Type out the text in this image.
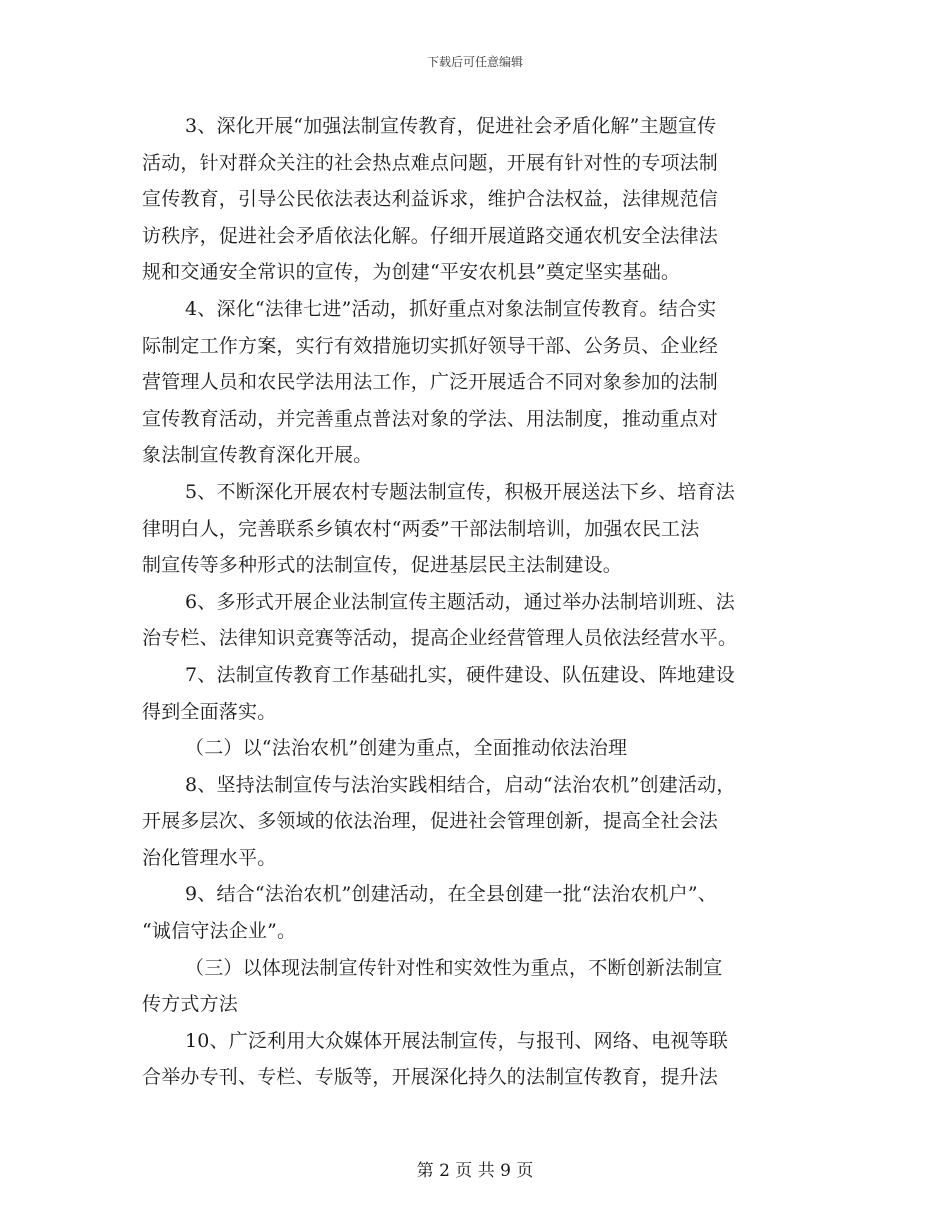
下载后可任意编辑
3、深化开展“加强法制宣传教育，促进社会矛盾化解”主题宣传
活动，针对群众关注的社会热点难点问题，开展有针对性的专项法制
宣传教育，引导公民依法表达利益诉求，维护合法权益，法律规范信
访秩序，促进社会矛盾依法化解。仔细开展道路交通农机安全法律法
规和交通安全常识的宣传，为创建“平安农机县”奠定坚实基础。
4、深化“法律七进”活动，抓好重点对象法制宣传教育。结合实
际制定工作方案，实行有效措施切实抓好领导干部、公务员、企业经
营管理人员和农民学法用法工作，广泛开展适合不同对象参加的法制
宣传教育活动，并完善重点普法对象的学法、用法制度，推动重点对
象法制宣传教育深化开展。
5、不断深化开展农村专题法制宣传，积极开展送法下乡、培育法
律明白人，完善联系乡镇农村“两委”干部法制培训，加强农民工法
制宣传等多种形式的法制宣传，促进基层民主法制建设。
6、多形式开展企业法制宣传主题活动，通过举办法制培训班、法
治专栏、法律知识竞赛等活动，提高企业经营管理人员依法经营水平。
7、法制宣传教育工作基础扎实，硬件建设、队伍建设、阵地建设
得到全面落实。
（二）以“法治农机”创建为重点，全面推动依法治理
8、坚持法制宣传与法治实践相结合，启动“法治农机”创建活动，
开展多层次、多领域的依法治理，促进社会管理创新，提高全社会法
治化管理水平。
9、结合“法治农机”创建活动，在全县创建一批“法治农机户”、
“诚信守法企业”。
（三）以体现法制宣传针对性和实效性为重点，不断创新法制宣
传方式方法
10、广泛利用大众媒体开展法制宣传，与报刊、网络、电视等联
合举办专刊、专栏、专版等，开展深化持久的法制宣传教育，提升法
第 2 页 共 9 页
